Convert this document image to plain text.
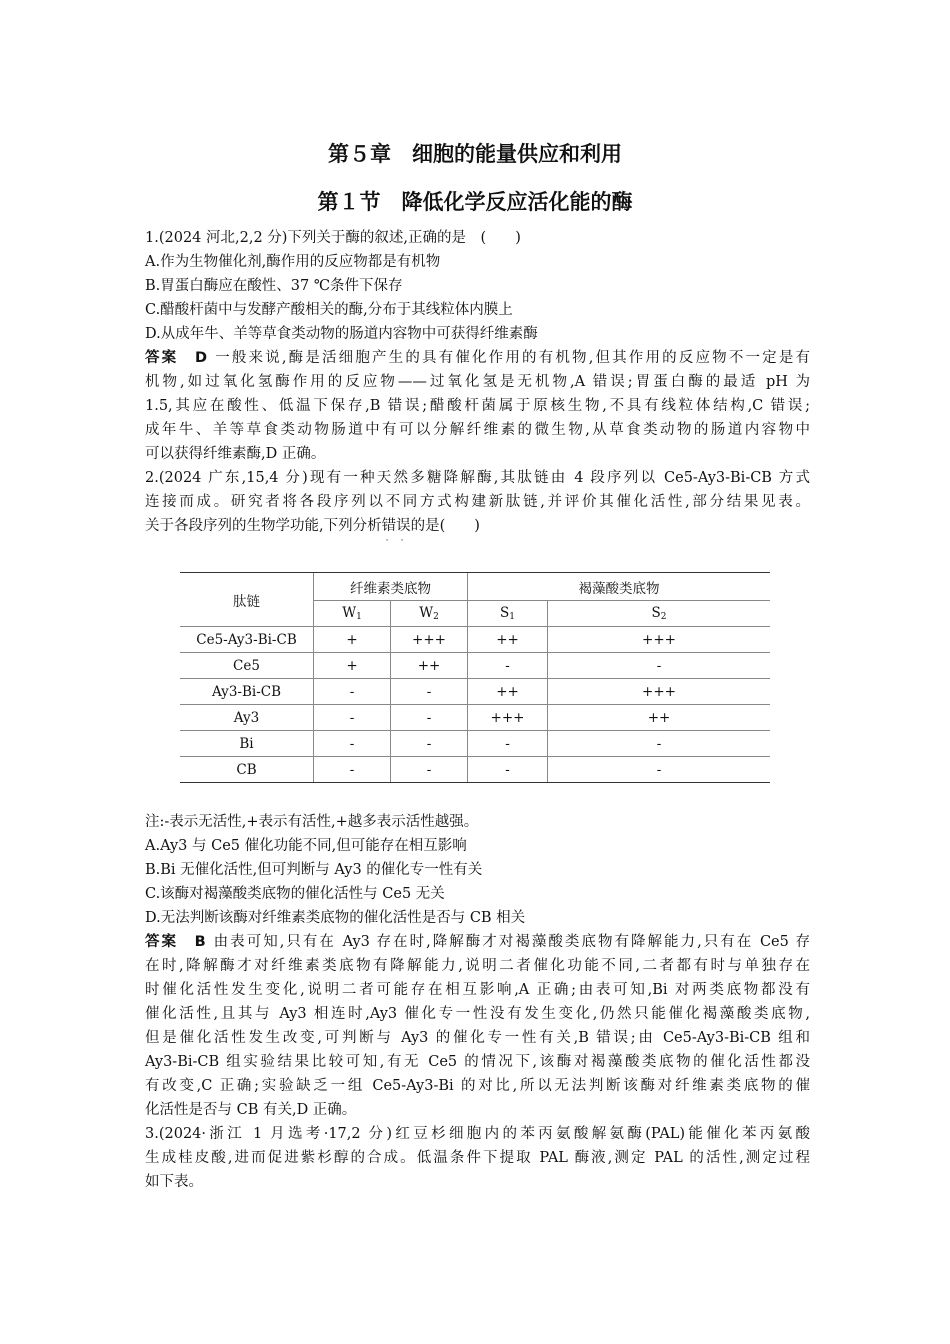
第５章　细胞的能量供应和利用
第１节　降低化学反应活化能的酶
1.(2024 河北,2,2 分)下列关于酶的叙述,正确的是　(　　)
A.作为生物催化剂,酶作用的反应物都是有机物
B.胃蛋白酶应在酸性、37 ℃条件下保存
C.醋酸杆菌中与发酵产酸相关的酶,分布于其线粒体内膜上
D.从成年牛、羊等草食类动物的肠道内容物中可获得纤维素酶
答案　D 一般来说,酶是活细胞产生的具有催化作用的有机物,但其作用的反应物不一定是有
机物,如过氧化氢酶作用的反应物——过氧化氢是无机物,A 错误;胃蛋白酶的最适 pH 为
1.5,其应在酸性、低温下保存,B 错误;醋酸杆菌属于原核生物,不具有线粒体结构,C 错误;
成年牛、羊等草食类动物肠道中有可以分解纤维素的微生物,从草食类动物的肠道内容物中
可以获得纤维素酶,D 正确。
2.(2024 广东,15,4 分)现有一种天然多糖降解酶,其肽链由 4 段序列以 Ce5-Ay3-Bi-CB 方式
连接而成。研究者将各段序列以不同方式构建新肽链,并评价其催化活性,部分结果见表。
关于各段序列的生物学功能,下列分析错误
· ·
的是(　　)
肽链	纤维素类底物		褐藻酸类底物	
	$W_1$	$W_2$	$S_1$	$S_2$
Ce5-Ay3-Bi-CB	+	+++	++	+++
Ce5	+	++	-	-
Ay3-Bi-CB	-	-	++	+++
Ay3	-	-	+++	++
Bi	-	-	-	-
CB	-	-	-	-
注:-表示无活性,+表示有活性,+越多表示活性越强。
A.Ay3 与 Ce5 催化功能不同,但可能存在相互影响
B.Bi 无催化活性,但可判断与 Ay3 的催化专一性有关
C.该酶对褐藻酸类底物的催化活性与 Ce5 无关
D.无法判断该酶对纤维素类底物的催化活性是否与 CB 相关
答案　B 由表可知,只有在 Ay3 存在时,降解酶才对褐藻酸类底物有降解能力,只有在 Ce5 存
在时,降解酶才对纤维素类底物有降解能力,说明二者催化功能不同,二者都有时与单独存在
时催化活性发生变化,说明二者可能存在相互影响,A 正确;由表可知,Bi 对两类底物都没有
催化活性,且其与 Ay3 相连时,Ay3 催化专一性没有发生变化,仍然只能催化褐藻酸类底物,
但是催化活性发生改变,可判断与 Ay3 的催化专一性有关,B 错误;由 Ce5-Ay3-Bi-CB 组和
Ay3-Bi-CB 组实验结果比较可知,有无 Ce5 的情况下,该酶对褐藻酸类底物的催化活性都没
有改变,C 正确;实验缺乏一组 Ce5-Ay3-Bi 的对比,所以无法判断该酶对纤维素类底物的催
化活性是否与 CB 有关,D 正确。
3.(2024·浙江 1 月选考·17,2 分)红豆杉细胞内的苯丙氨酸解氨酶(PAL)能催化苯丙氨酸
生成桂皮酸,进而促进紫杉醇的合成。低温条件下提取 PAL 酶液,测定 PAL 的活性,测定过程
如下表。
